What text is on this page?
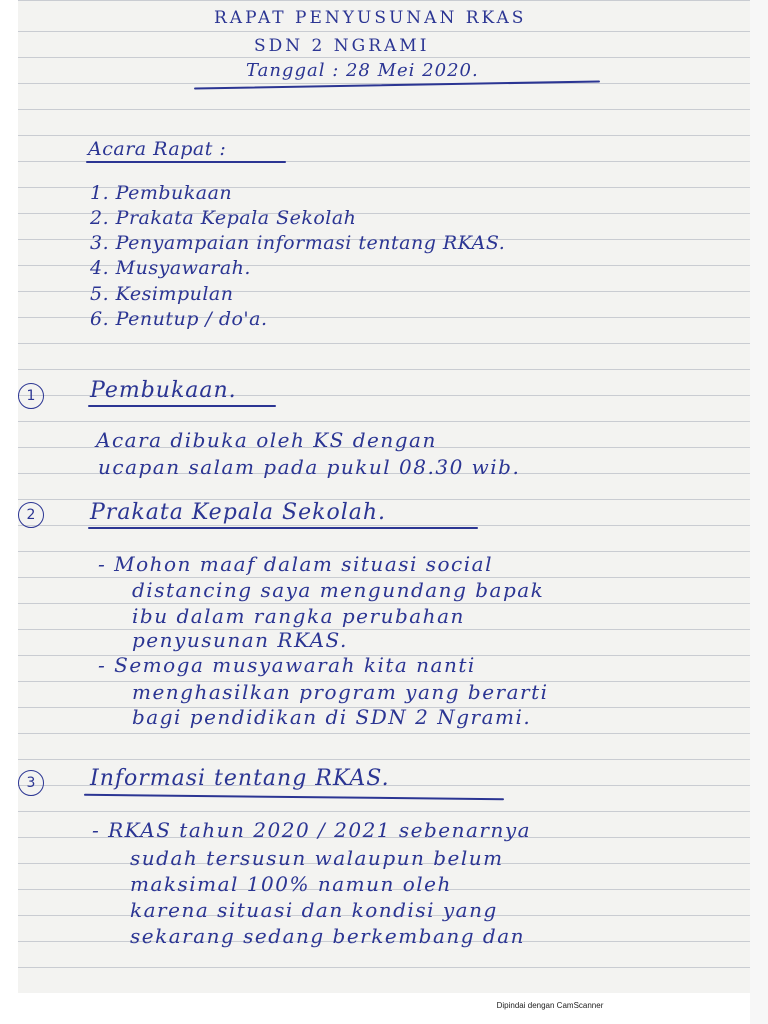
RAPAT PENYUSUNAN RKAS
SDN 2 NGRAMI
Tanggal : 28 Mei 2020.
Acara Rapat :
1. Pembukaan
2. Prakata Kepala Sekolah
3. Penyampaian informasi tentang RKAS.
4. Musyawarah.
5. Kesimpulan
6. Penutup / do'a.
1	Pembukaan.
Acara dibuka oleh KS dengan
ucapan salam pada pukul 08.30 wib.
2	Prakata Kepala Sekolah.
- Mohon maaf dalam situasi social
distancing saya mengundang bapak
ibu dalam rangka perubahan
penyusunan RKAS.
- Semoga musyawarah kita nanti
menghasilkan program yang berarti
bagi pendidikan di SDN 2 Ngrami.
3	Informasi tentang RKAS.
- RKAS tahun 2020 / 2021 sebenarnya
sudah tersusun walaupun belum
maksimal 100% namun oleh
karena situasi dan kondisi yang
sekarang sedang berkembang dan
Dipindai dengan CamScanner
